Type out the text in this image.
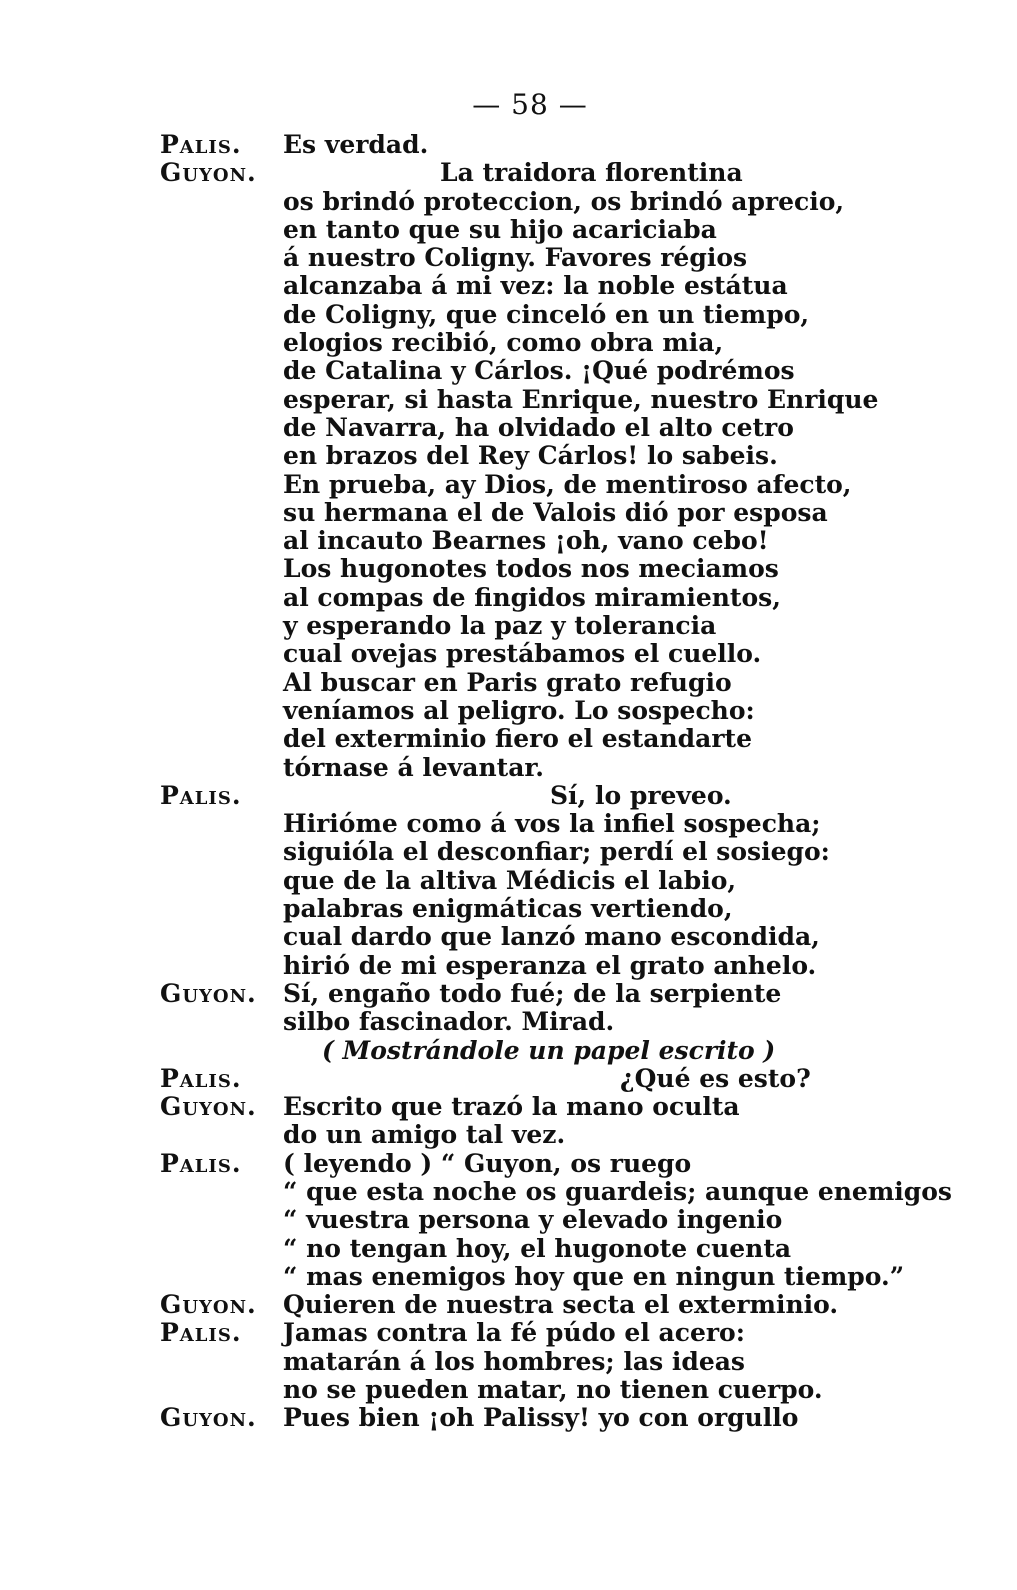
— 58 —
Palis. Es verdad.
Guyon.	La traidora florentina
os brindó proteccion, os brindó aprecio,
en tanto que su hijo acariciaba
á nuestro Coligny. Favores régios
alcanzaba á mi vez: la noble estátua
de Coligny, que cinceló en un tiempo,
elogios recibió, como obra mia,
de Catalina y Cárlos. ¡Qué podrémos
esperar, si hasta Enrique, nuestro Enrique
de Navarra, ha olvidado el alto cetro
en brazos del Rey Cárlos! lo sabeis.
En prueba, ay Dios, de mentiroso afecto,
su hermana el de Valois dió por esposa
al incauto Bearnes ¡oh, vano cebo!
Los hugonotes todos nos meciamos
al compas de fingidos miramientos,
y esperando la paz y tolerancia
cual ovejas prestábamos el cuello.
Al buscar en Paris grato refugio
veníamos al peligro. Lo sospecho:
del exterminio fiero el estandarte
tórnase á levantar.
Palis.	Sí, lo preveo.
Hirióme como á vos la infiel sospecha;
siguióla el desconfiar; perdí el sosiego:
que de la altiva Médicis el labio,
palabras enigmáticas vertiendo,
cual dardo que lanzó mano escondida,
hirió de mi esperanza el grato anhelo.
Guyon. Sí, engaño todo fué; de la serpiente
silbo fascinador. Mirad.
( Mostrándole un papel escrito )
Palis.	¿Qué es esto?
Guyon. Escrito que trazó la mano oculta
do un amigo tal vez.
Palis. ( leyendo ) “ Guyon, os ruego
“ que esta noche os guardeis; aunque enemigos
“ vuestra persona y elevado ingenio
“ no tengan hoy, el hugonote cuenta
“ mas enemigos hoy que en ningun tiempo.”
Guyon. Quieren de nuestra secta el exterminio.
Palis. Jamas contra la fé púdo el acero:
matarán á los hombres; las ideas
no se pueden matar, no tienen cuerpo.
Guyon. Pues bien ¡oh Palissy! yo con orgullo
